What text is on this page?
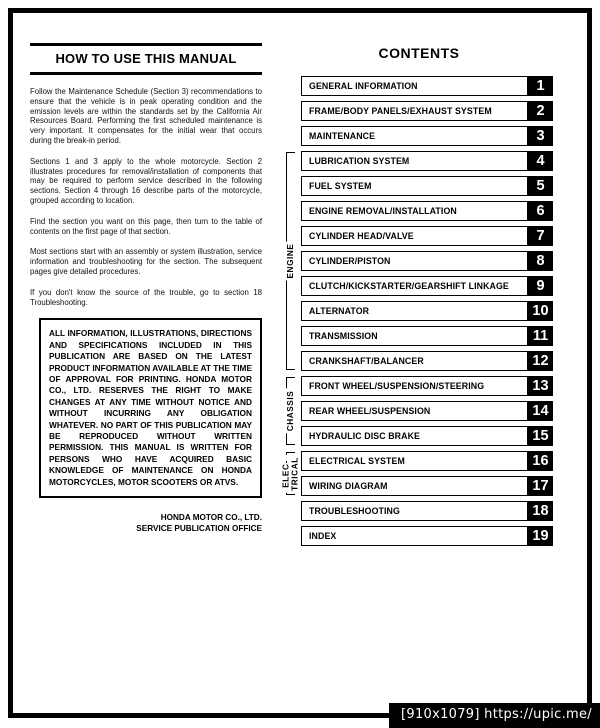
HOW TO USE THIS MANUAL

Follow the Maintenance Schedule (Section 3) recommendations to ensure that the vehicle is in peak operating condition and the emission levels are within the standards set by the California Air Resources Board. Performing the first scheduled maintenance is very important. It compensates for the initial wear that occurs during the break-in period.

Sections 1 and 3 apply to the whole motorcycle. Section 2 illustrates procedures for removal/installation of components that may be required to perform service described in the following sections. Section 4 through 16 describe parts of the motorcycle, grouped according to location.

Find the section you want on this page, then turn to the table of contents on the first page of that section.

Most sections start with an assembly or system illustration, service information and troubleshooting for the section. The subsequent pages give detailed procedures.

If you don't know the source of the trouble, go to section 18 Troubleshooting.

ALL INFORMATION, ILLUSTRATIONS, DIRECTIONS AND SPECIFICATIONS INCLUDED IN THIS PUBLICATION ARE BASED ON THE LATEST PRODUCT INFORMATION AVAILABLE AT THE TIME OF APPROVAL FOR PRINTING. HONDA MOTOR CO., LTD. RESERVES THE RIGHT TO MAKE CHANGES AT ANY TIME WITHOUT NOTICE AND WITHOUT INCURRING ANY OBLIGATION WHATEVER. NO PART OF THIS PUBLICATION MAY BE REPRODUCED WITHOUT WRITTEN PERMISSION. THIS MANUAL IS WRITTEN FOR PERSONS WHO HAVE ACQUIRED BASIC KNOWLEDGE OF MAINTENANCE ON HONDA MOTORCYCLES, MOTOR SCOOTERS OR ATVS.
HONDA MOTOR CO., LTD.
SERVICE PUBLICATION OFFICE
CONTENTS
GENERAL INFORMATION	1
FRAME/BODY PANELS/EXHAUST SYSTEM	2
MAINTENANCE	3
LUBRICATION SYSTEM	4
FUEL SYSTEM	5
ENGINE REMOVAL/INSTALLATION	6
CYLINDER HEAD/VALVE	7
CYLINDER/PISTON	8
CLUTCH/KICKSTARTER/GEARSHIFT LINKAGE	9
ALTERNATOR	10
TRANSMISSION	11
CRANKSHAFT/BALANCER	12
FRONT WHEEL/SUSPENSION/STEERING	13
REAR WHEEL/SUSPENSION	14
HYDRAULIC DISC BRAKE	15
ELECTRICAL SYSTEM	16
WIRING DIAGRAM	17
TROUBLESHOOTING	18
INDEX	19
ENGINE
CHASSIS
ELEC- TRICAL
[910x1079] https://upic.me/
